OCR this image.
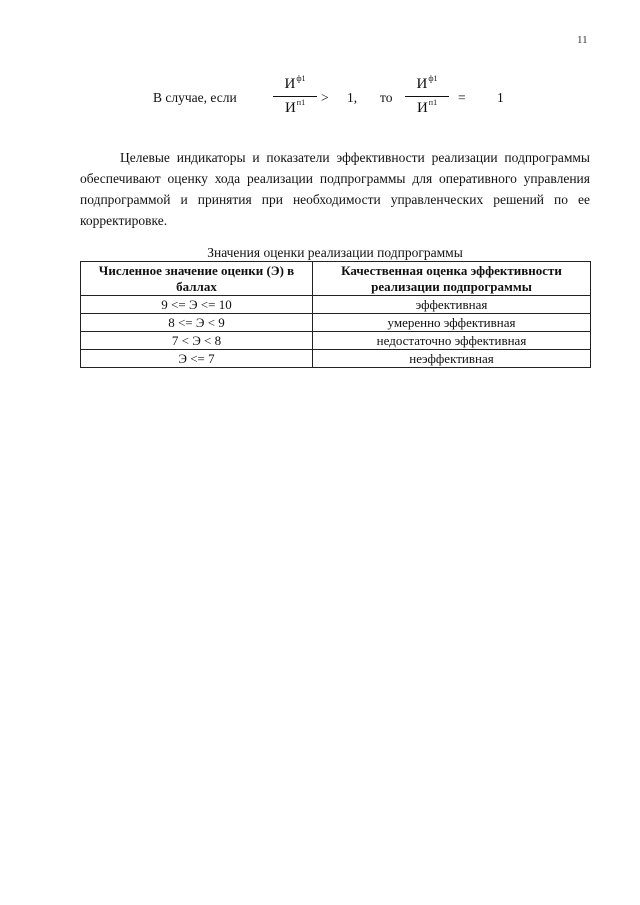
11
В случае, если
$И^{ф1}$
$И^{п1}$	> 1, то
$И^{ф1}$
$И^{п1}$	= 1

Целевые индикаторы и показатели эффективности реализации подпрограммы обеспечивают оценку хода реализации подпрограммы для оперативного управления подпрограммой и принятия при необходимости управленческих решений по ее корректировке.

Значения оценки реализации подпрограммы
Численное значение оценки (Э) в баллах	Качественная оценка эффективности реализации подпрограммы
9 <= Э <= 10	эффективная
8 <= Э < 9	умеренно эффективная
7 < Э < 8	недостаточно эффективная
Э <= 7	неэффективная
